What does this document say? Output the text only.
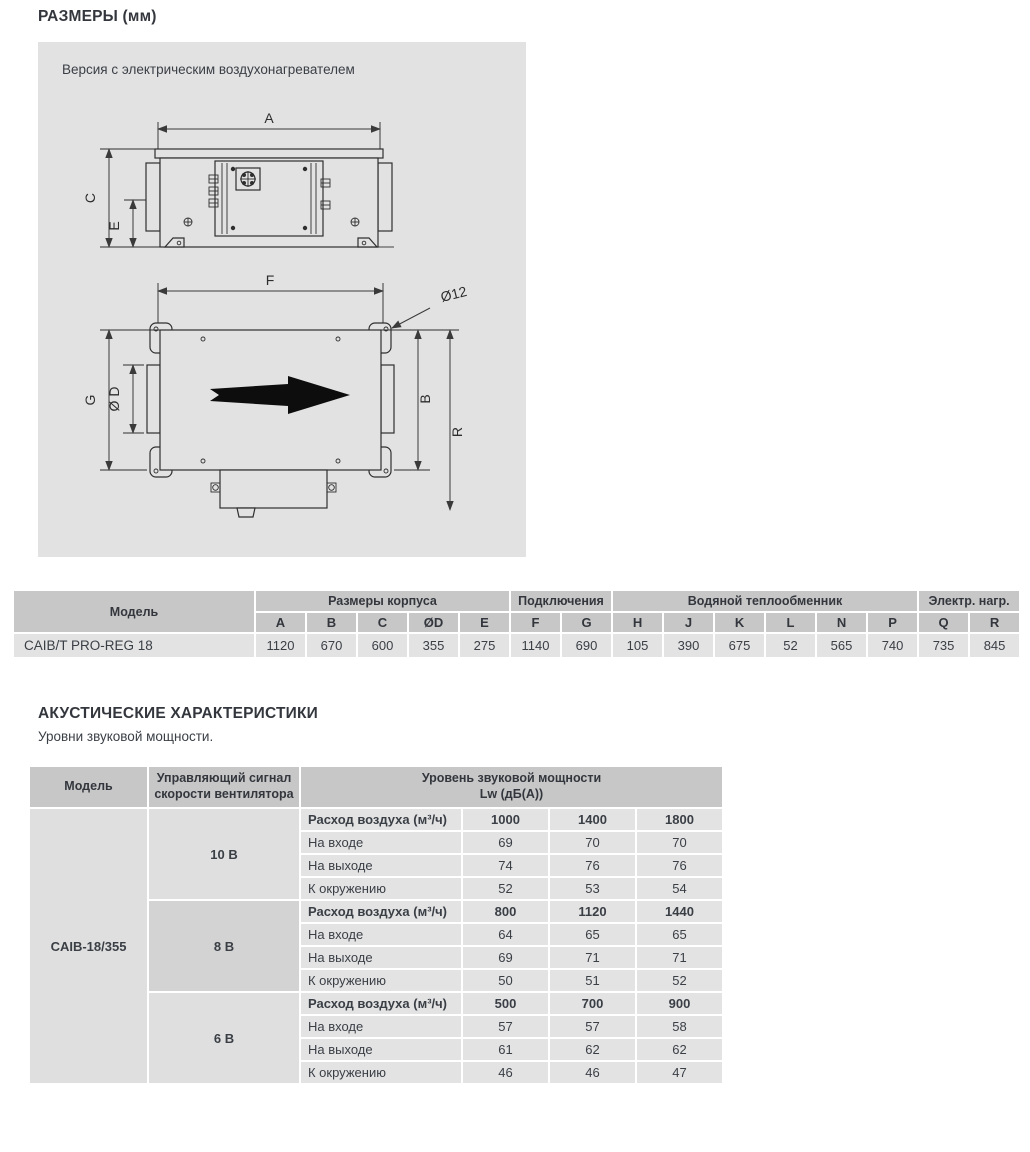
РАЗМЕРЫ (мм)
Версия с электрическим воздухонагревателем
A
C
E
F
Ø12
Ø D
G	B
R
Модель	Размеры корпуса					Подключения		Водяной теплообменник						Электр. нагр.	
	A	B	C	ØD	E	F	G	H	J	K	L	N	P	Q	R
CAIB/T PRO-REG 18	1120	670	600	355	275	1140	690	105	390	675	52	565	740	735	845
АКУСТИЧЕСКИЕ ХАРАКТЕРИСТИКИ
Уровни звуковой мощности.
Модель	Управляющий сигнал скорости вентилятора	Уровень звуковой мощности
Lw (дБ(А))			

CAIB-18/355	10 В	Расход воздуха (м³/ч)	1000	1400	1800
		На входе	69	70	70
		На выходе	74	76	76
		К окружению	52	53	54
	8 В	Расход воздуха (м³/ч)	800	1120	1440
		На входе	64	65	65
		На выходе	69	71	71
		К окружению	50	51	52
	6 В	Расход воздуха (м³/ч)	500	700	900
		На входе	57	57	58
		На выходе	61	62	62
		К окружению	46	46	47
